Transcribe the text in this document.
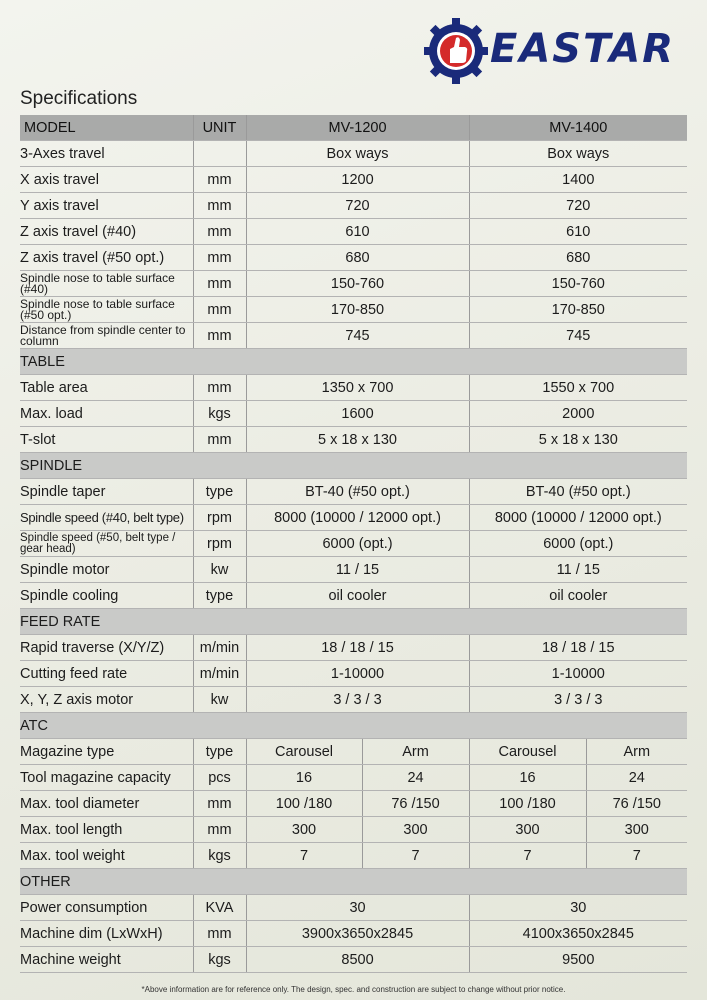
EASTAR
Specifications
MODEL	UNIT	MV-1200		MV-1400	
3-Axes travel		Box ways		Box ways	
X axis travel	mm	1200		1400	
Y axis travel	mm	720		720	
Z axis travel (#40)	mm	610		610	
Z axis travel (#50 opt.)	mm	680		680	
Spindle nose to table surface (#40)	mm	150-760		150-760	
Spindle nose to table surface (#50 opt.)	mm	170-850		170-850	
Distance from spindle center to column	mm	745		745	
TABLE					
Table area	mm	1350 x 700		1550 x 700	
Max. load	kgs	1600		2000	
T-slot	mm	5 x 18 x 130		5 x 18 x 130	
SPINDLE					
Spindle taper	type	BT-40 (#50 opt.)		BT-40 (#50 opt.)	
Spindle speed (#40, belt type)	rpm	8000 (10000 / 12000 opt.)		8000 (10000 / 12000 opt.)	
Spindle speed (#50, belt type / gear head)	rpm	6000 (opt.)		6000 (opt.)	
Spindle motor	kw	11 / 15		11 / 15	
Spindle cooling	type	oil cooler		oil cooler	
FEED RATE					
Rapid traverse (X/Y/Z)	m/min	18 / 18 / 15		18 / 18 / 15	
Cutting feed rate	m/min	1-10000		1-10000	
X, Y, Z axis motor	kw	3 / 3 / 3		3 / 3 / 3	
ATC					
Magazine type	type	Carousel	Arm	Carousel	Arm
Tool magazine capacity	pcs	16	24	16	24
Max. tool diameter	mm	100 /180	76 /150	100 /180	76 /150
Max. tool length	mm	300	300	300	300
Max. tool weight	kgs	7	7	7	7
OTHER					
Power consumption	KVA	30		30	
Machine dim (LxWxH)	mm	3900x3650x2845		4100x3650x2845	
Machine weight	kgs	8500		9500	
*Above information are for reference only. The design, spec. and construction are subject to change without prior notice.
